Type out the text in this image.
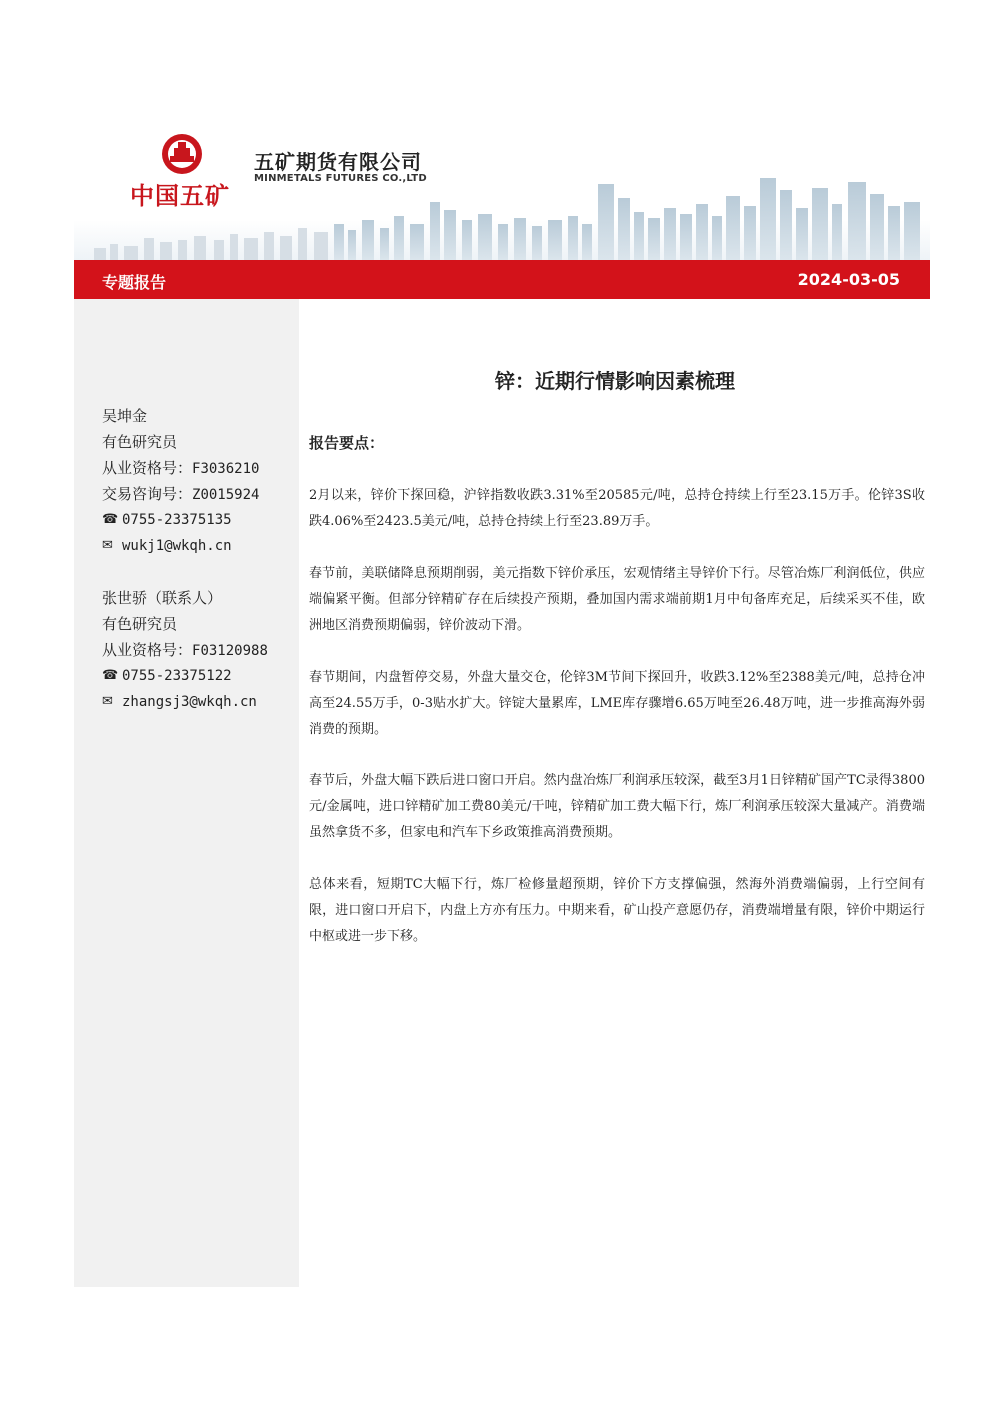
中国五矿
五矿期货有限公司
MINMETALS FUTURES CO.,LTD
专题报告	2024-03-05
吴坤金
有色研究员
从业资格号：F3036210
交易咨询号：Z0015924
☎ 0755-23375135
✉ wukj1@wkqh.cn
张世骄（联系人）
有色研究员
从业资格号：F03120988
☎ 0755-23375122
✉ zhangsj3@wkqh.cn
锌：近期行情影响因素梳理
报告要点：
2月以来，锌价下探回稳，沪锌指数收跌3.31%至20585元/吨，总持仓持续上行至23.15万手。伦锌3S收跌4.06%至2423.5美元/吨，总持仓持续上行至23.89万手。
春节前，美联储降息预期削弱，美元指数下锌价承压，宏观情绪主导锌价下行。尽管冶炼厂利润低位，供应端偏紧平衡。但部分锌精矿存在后续投产预期，叠加国内需求端前期1月中旬备库充足，后续采买不佳，欧洲地区消费预期偏弱，锌价波动下滑。
春节期间，内盘暂停交易，外盘大量交仓，伦锌3M节间下探回升，收跌3.12%至2388美元/吨，总持仓冲高至24.55万手，0-3贴水扩大。锌锭大量累库，LME库存骤增6.65万吨至26.48万吨，进一步推高海外弱消费的预期。
春节后，外盘大幅下跌后进口窗口开启。然内盘冶炼厂利润承压较深，截至3月1日锌精矿国产TC录得3800元/金属吨，进口锌精矿加工费80美元/干吨，锌精矿加工费大幅下行，炼厂利润承压较深大量减产。消费端虽然拿货不多，但家电和汽车下乡政策推高消费预期。
总体来看，短期TC大幅下行，炼厂检修量超预期，锌价下方支撑偏强，然海外消费端偏弱，上行空间有限，进口窗口开启下，内盘上方亦有压力。中期来看，矿山投产意愿仍存，消费端增量有限，锌价中期运行中枢或进一步下移。
